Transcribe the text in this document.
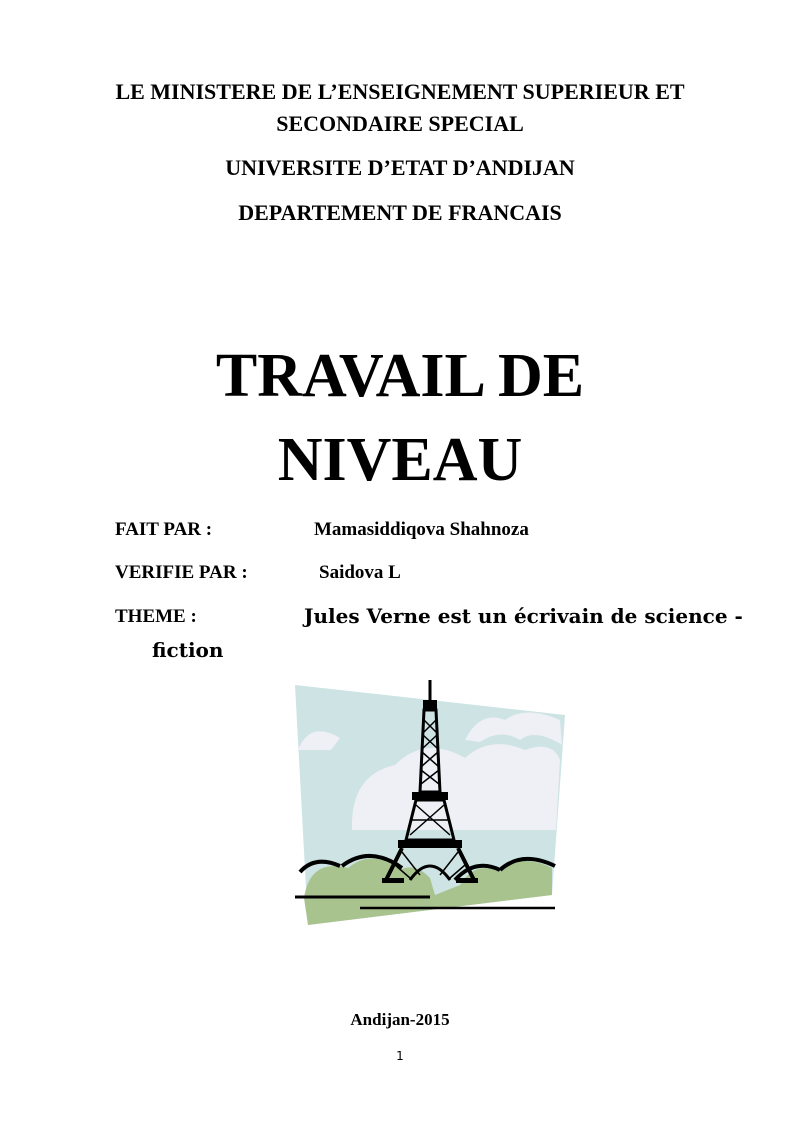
LE MINISTERE DE L’ENSEIGNEMENT SUPERIEUR ET
SECONDAIRE SPECIAL
UNIVERSITE D’ETAT D’ANDIJAN
DEPARTEMENT DE FRANCAIS
TRAVAIL DE
NIVEAU
FAIT PAR :	Mamasiddiqova Shahnoza
VERIFIE PAR :	Saidova L
THEME :	Jules Verne est un écrivain de science -
fiction
Andijan-2015
1
